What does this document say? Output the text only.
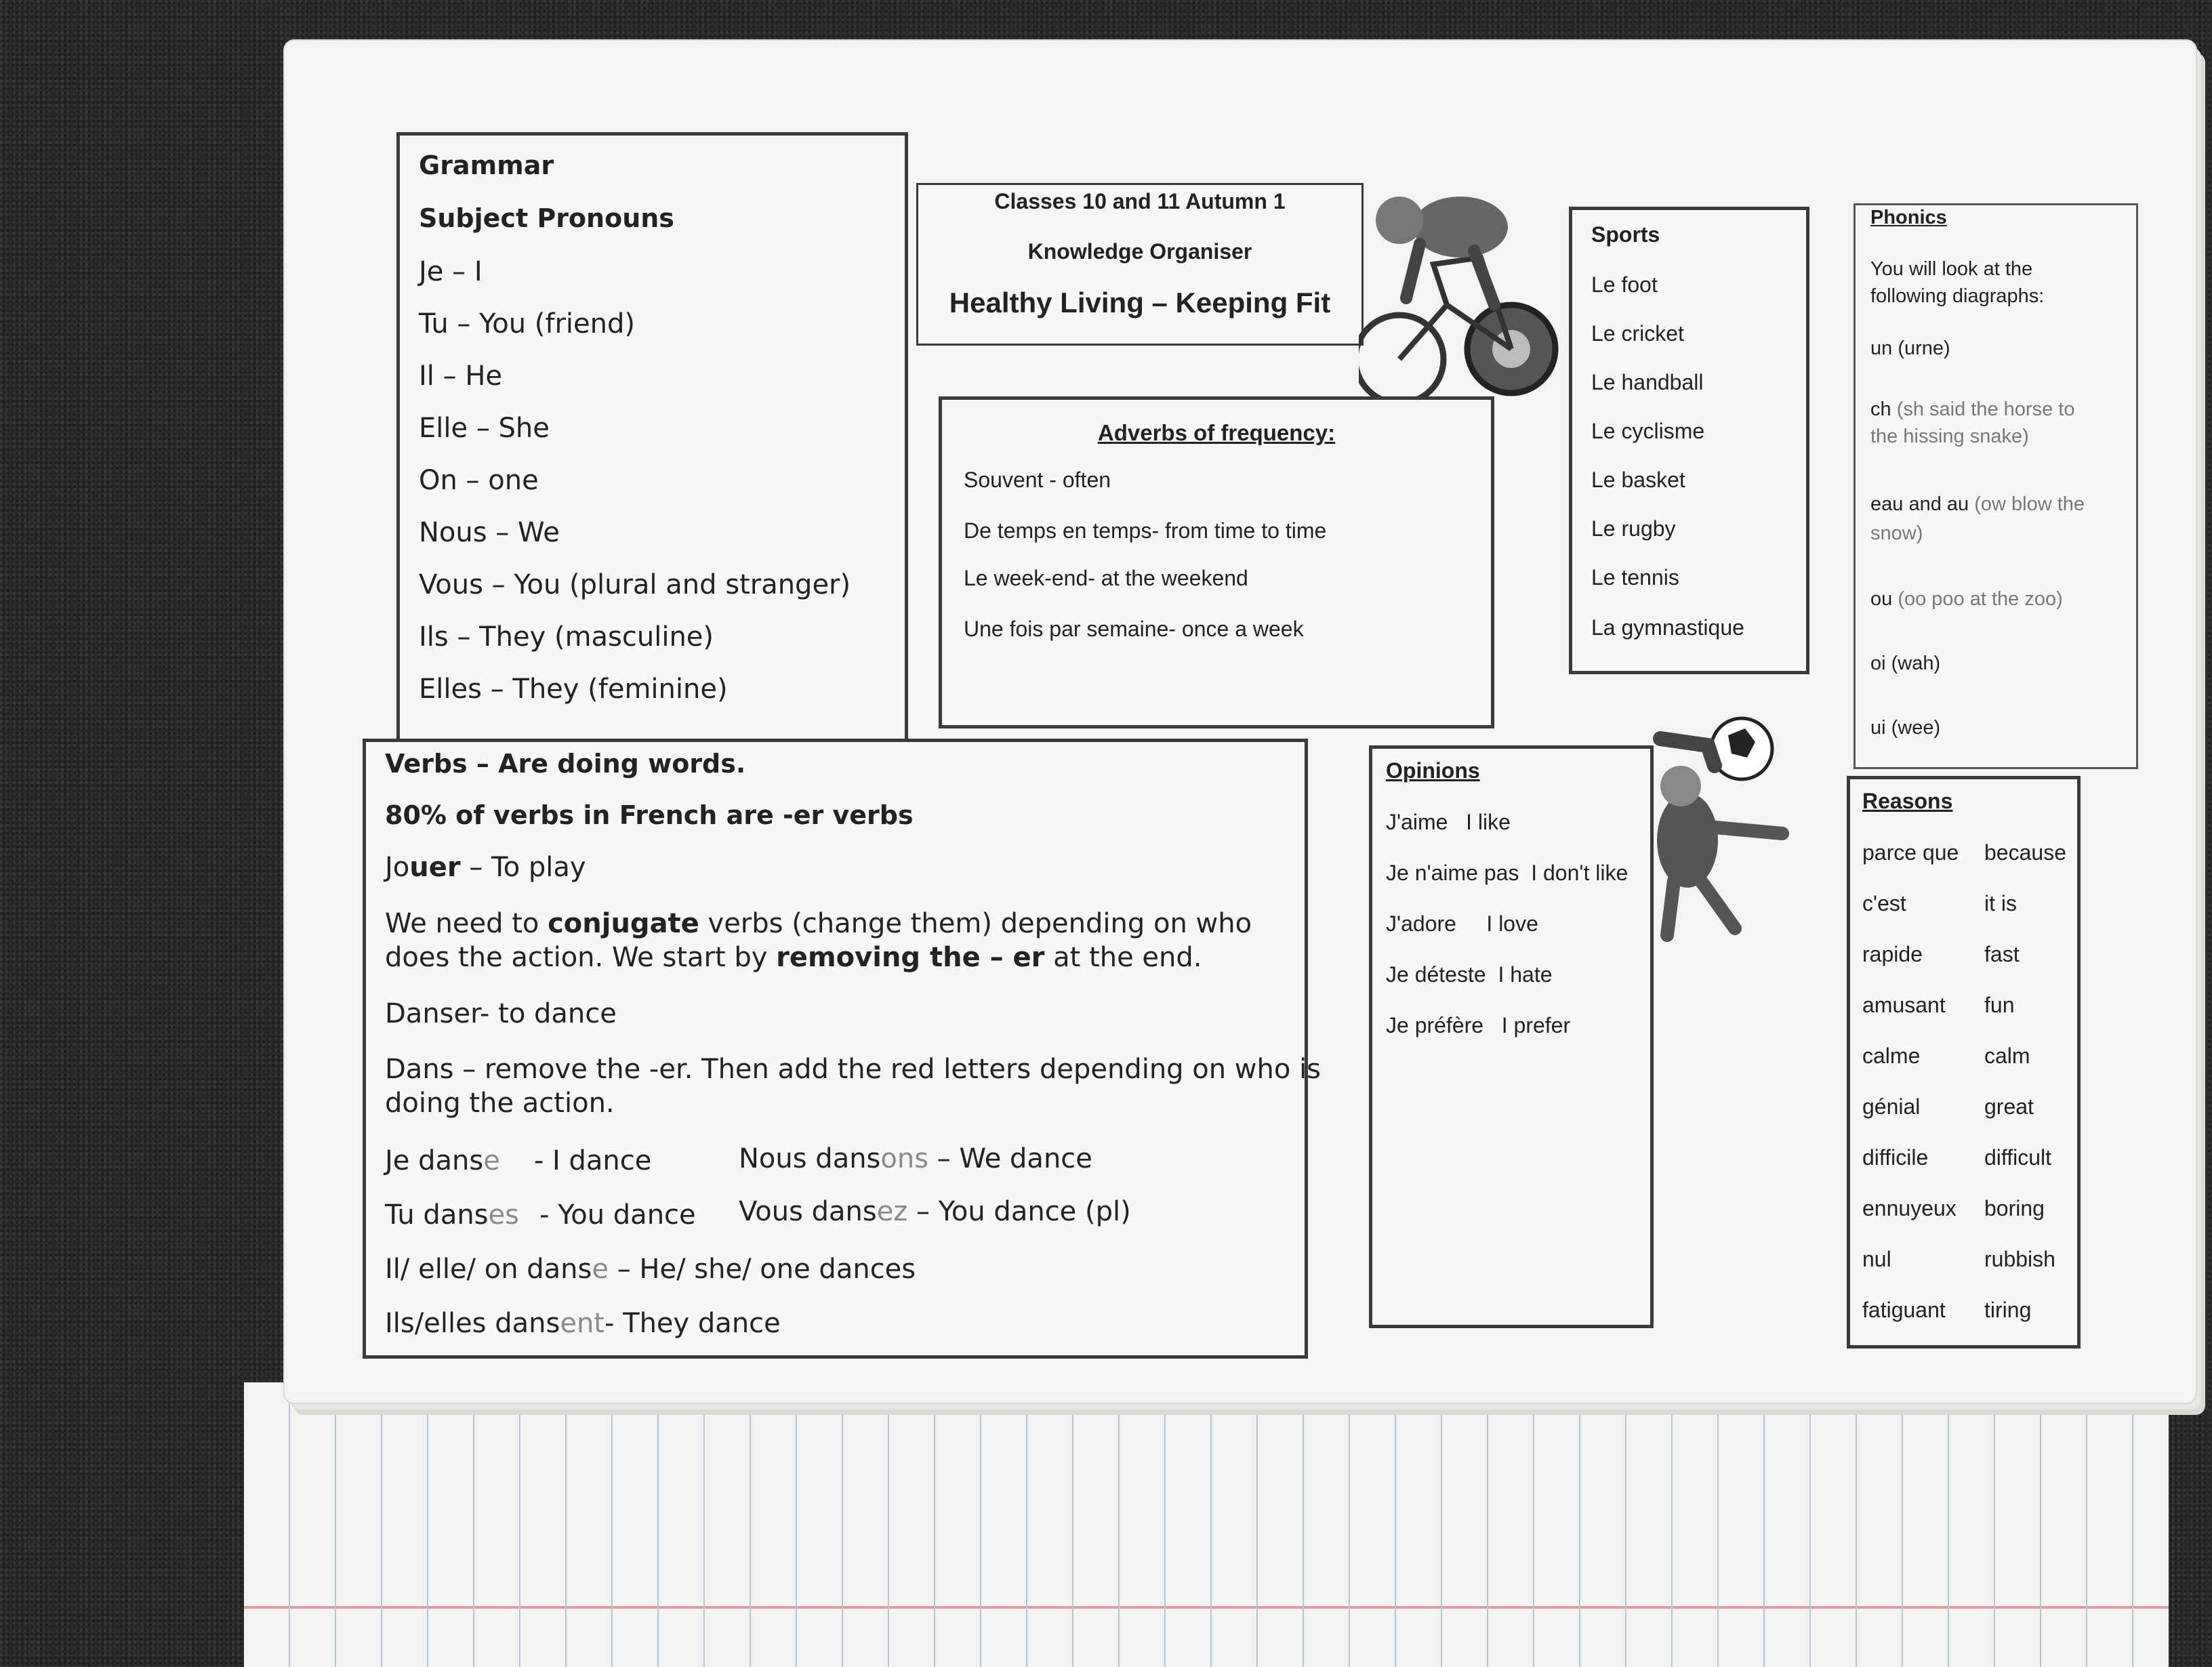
Grammar
Subject Pronouns
Je – I
Tu – You (friend)
Il – He
Elle – She
On – one
Nous – We
Vous – You (plural and stranger)
Ils – They (masculine)
Elles – They (feminine)
Classes 10 and 11 Autumn 1
Knowledge Organiser
Healthy Living – Keeping Fit
Adverbs of frequency:
Souvent - often
De temps en temps- from time to time
Le week-end- at the weekend
Une fois par semaine- once a week
Sports
Le foot
Le cricket
Le handball
Le cyclisme
Le basket
Le rugby
Le tennis
La gymnastique
Phonics
You will look at the
following diagraphs:
un (urne)
ch (sh said the horse to
the hissing snake)
eau and au (ow blow the
snow)
ou (oo poo at the zoo)
oi (wah)
ui (wee)
Verbs – Are doing words.
80% of verbs in French are -er verbs
Jouer – To play
We need to conjugate verbs (change them) depending on who
does the action. We start by removing the – er at the end.
Danser- to dance
Dans – remove the -er. Then add the red letters depending on who is
doing the action.
Je danse - I dance	Nous dansons – We dance
Tu danses - You dance Vous dansez – You dance (pl)
Il/ elle/ on danse – He/ she/ one dances
Ils/elles dansent- They dance
Opinions
J'aime I like
Je n'aime pas I don't like
J'adore I love
Je déteste I hate
Je préfère I prefer
Reasons
parce que because
c'est	it is
rapide	fast
amusant fun
calme	calm
génial	great
difficile	difficult
ennuyeux boring
nul	rubbish
fatiguant tiring
